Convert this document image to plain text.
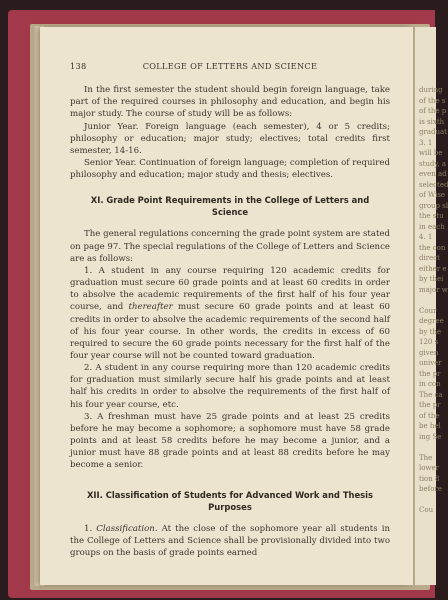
during
of the s
of the p
is sixth
graduat
3. 1
will be
study, a
even ad
selected
of Wise
group sl
the stu
in each
4. 1
the con
direct
either e
by thei
major w

Cour
degree
by the
120 s
given
univer
the pr
in con
The ca
the pr
of the
be hel
ing Se

The
lower
tion 8
before

Cou
138	COLLEGE OF LETTERS AND SCIENCE

In the first semester the student should begin foreign language, take part of the required courses in philosophy and education, and begin his major study. The course of study will be as follows:

Junior Year. Foreign language (each semester), 4 or 5 credits; philosophy or education; major study; electives; total credits first semester, 14-16.

Senior Year. Continuation of foreign language; completion of required philosophy and education; major study and thesis; electives.

XI. Grade Point Requirements in the College of Letters and
Science

The general regulations concerning the grade point system are stated on page 97. The special regulations of the College of Letters and Science are as follows:

1. A student in any course requiring 120 academic credits for graduation must secure 60 grade points and at least 60 credits in order to absolve the academic requirements of the first half of his four year course, and thereafter must secure 60 grade points and at least 60 credits in order to absolve the academic requirements of the second half of his four year course. In other words, the credits in excess of 60 required to secure the 60 grade points necessary for the first half of the four year course will not be counted toward graduation.

2. A student in any course requiring more than 120 academic credits for graduation must similarly secure half his grade points and at least half his credits in order to absolve the requirements of the first half of his four year course, etc.

3. A freshman must have 25 grade points and at least 25 credits before he may become a sophomore; a sophomore must have 58 grade points and at least 58 credits before he may become a junior, and a junior must have 88 grade points and at least 88 credits before he may become a senior.

XII. Classification of Students for Advanced Work and Thesis
Purposes

1. Classification. At the close of the sophomore year all students in the College of Letters and Science shall be provisionally divided into two groups on the basis of grade points earned
